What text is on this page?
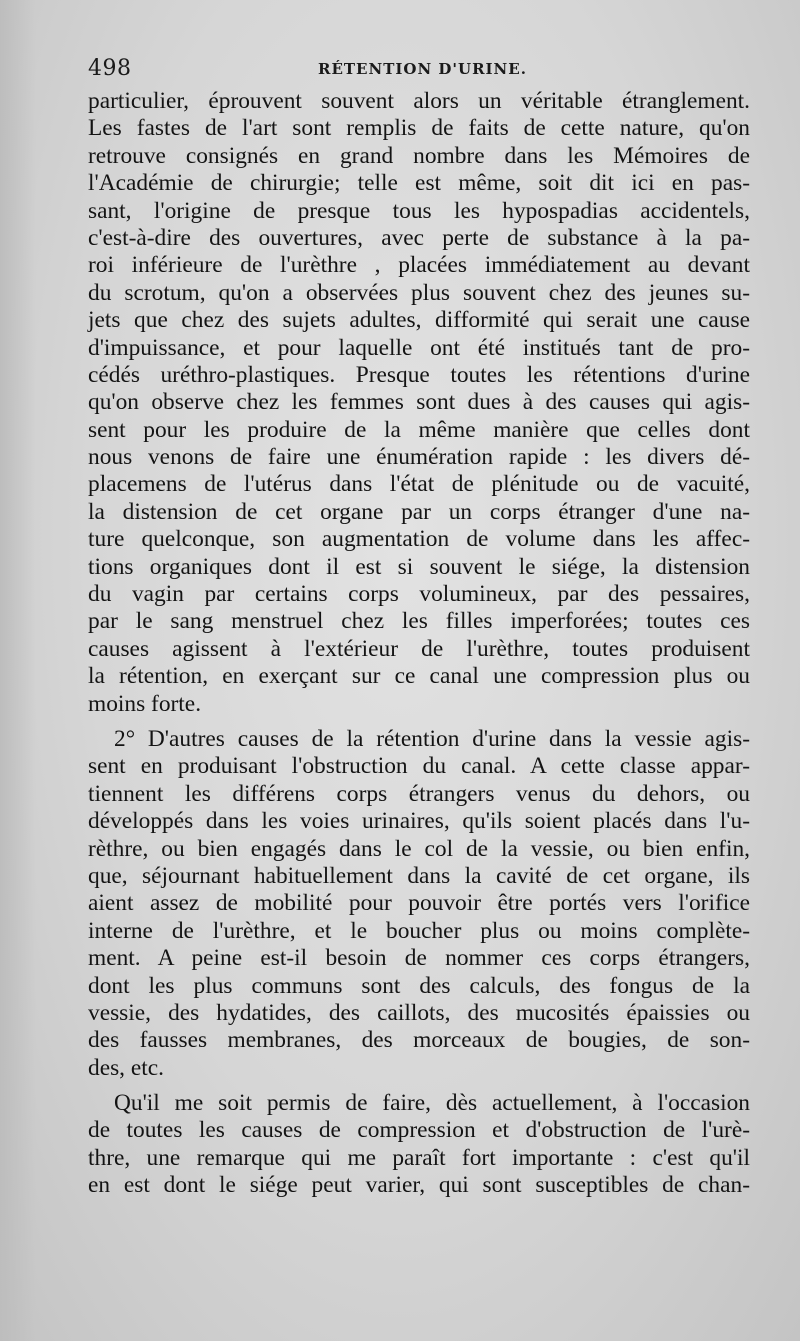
498	RÉTENTION D'URINE.
particulier, éprouvent souvent alors un véritable étranglement.
Les fastes de l'art sont remplis de faits de cette nature, qu'on
retrouve consignés en grand nombre dans les Mémoires de
l'Académie de chirurgie; telle est même, soit dit ici en pas-
sant, l'origine de presque tous les hypospadias accidentels,
c'est-à-dire des ouvertures, avec perte de substance à la pa-
roi inférieure de l'urèthre , placées immédiatement au devant
du scrotum, qu'on a observées plus souvent chez des jeunes su-
jets que chez des sujets adultes, difformité qui serait une cause
d'impuissance, et pour laquelle ont été institués tant de pro-
cédés uréthro-plastiques. Presque toutes les rétentions d'urine
qu'on observe chez les femmes sont dues à des causes qui agis-
sent pour les produire de la même manière que celles dont
nous venons de faire une énumération rapide : les divers dé-
placemens de l'utérus dans l'état de plénitude ou de vacuité,
la distension de cet organe par un corps étranger d'une na-
ture quelconque, son augmentation de volume dans les affec-
tions organiques dont il est si souvent le siége, la distension
du vagin par certains corps volumineux, par des pessaires,
par le sang menstruel chez les filles imperforées; toutes ces
causes agissent à l'extérieur de l'urèthre, toutes produisent
la rétention, en exerçant sur ce canal une compression plus ou
moins forte.
2° D'autres causes de la rétention d'urine dans la vessie agis-
sent en produisant l'obstruction du canal. A cette classe appar-
tiennent les différens corps étrangers venus du dehors, ou
développés dans les voies urinaires, qu'ils soient placés dans l'u-
rèthre, ou bien engagés dans le col de la vessie, ou bien enfin,
que, séjournant habituellement dans la cavité de cet organe, ils
aient assez de mobilité pour pouvoir être portés vers l'orifice
interne de l'urèthre, et le boucher plus ou moins complète-
ment. A peine est-il besoin de nommer ces corps étrangers,
dont les plus communs sont des calculs, des fongus de la
vessie, des hydatides, des caillots, des mucosités épaissies ou
des fausses membranes, des morceaux de bougies, de son-
des, etc.
Qu'il me soit permis de faire, dès actuellement, à l'occasion
de toutes les causes de compression et d'obstruction de l'urè-
thre, une remarque qui me paraît fort importante : c'est qu'il
en est dont le siége peut varier, qui sont susceptibles de chan-
